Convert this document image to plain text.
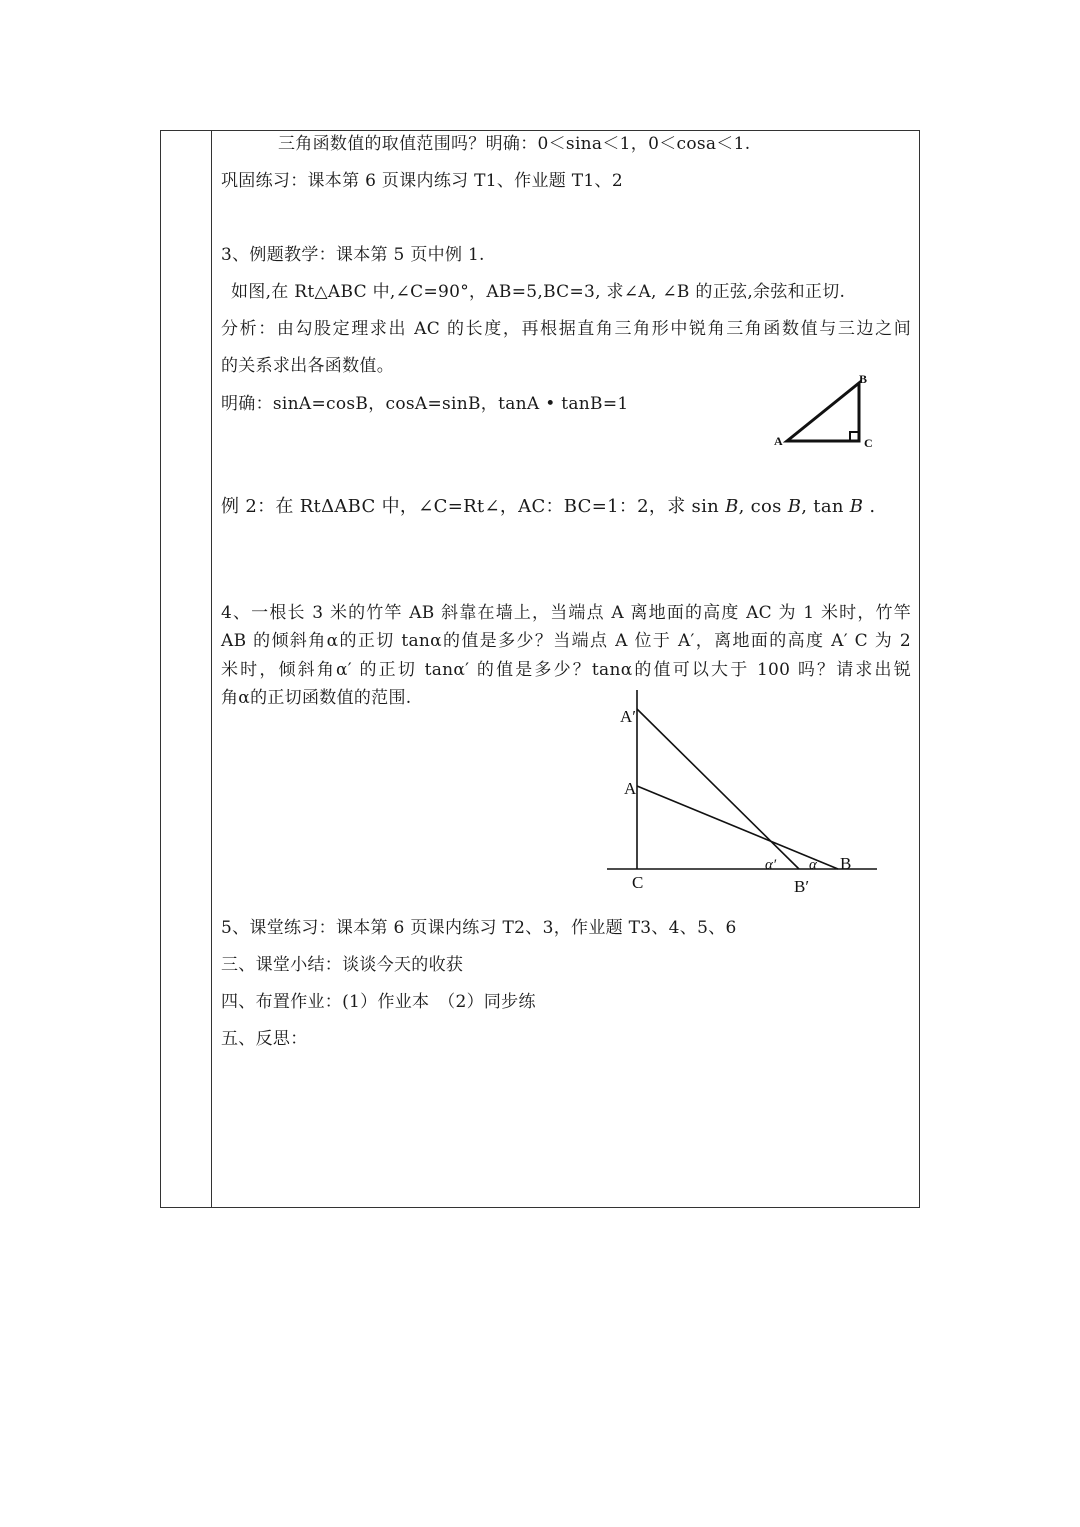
三角函数值的取值范围吗？明确：0＜sina＜1，0＜cosa＜1.
巩固练习：课本第 6 页课内练习 T1、作业题 T1、2
3、例题教学：课本第 5 页中例 1.
如图,在 Rt△ABC 中,∠C=90°，AB=5,BC=3, 求∠A, ∠B 的正弦,余弦和正切.
分析：由勾股定理求出 AC 的长度，再根据直角三角形中锐角三角函数值与三边之间
的关系求出各函数值。
明确：sinA=cosB，cosA=sinB，tanA • tanB=1
A
B
C
例 2：在 RtΔABC 中，∠C=Rt∠，AC：BC=1：2，求 sin B, cos B, tan B .
4、一根长 3 米的竹竿 AB 斜靠在墙上，当端点 A 离地面的高度 AC 为 1 米时，竹竿
AB 的倾斜角α的正切 tanα的值是多少？当端点 A 位于 A′，离地面的高度 A′ C 为 2
米时，倾斜角α′ 的正切 tanα′ 的值是多少？tanα的值可以大于 100 吗？请求出锐
角α的正切函数值的范围.
A′
A
C
B
B′
α′ α
5、课堂练习：课本第 6 页课内练习 T2、3，作业题 T3、4、5、6
三、课堂小结：谈谈今天的收获
四、布置作业：(1）作业本　（2）同步练
五、反思：
